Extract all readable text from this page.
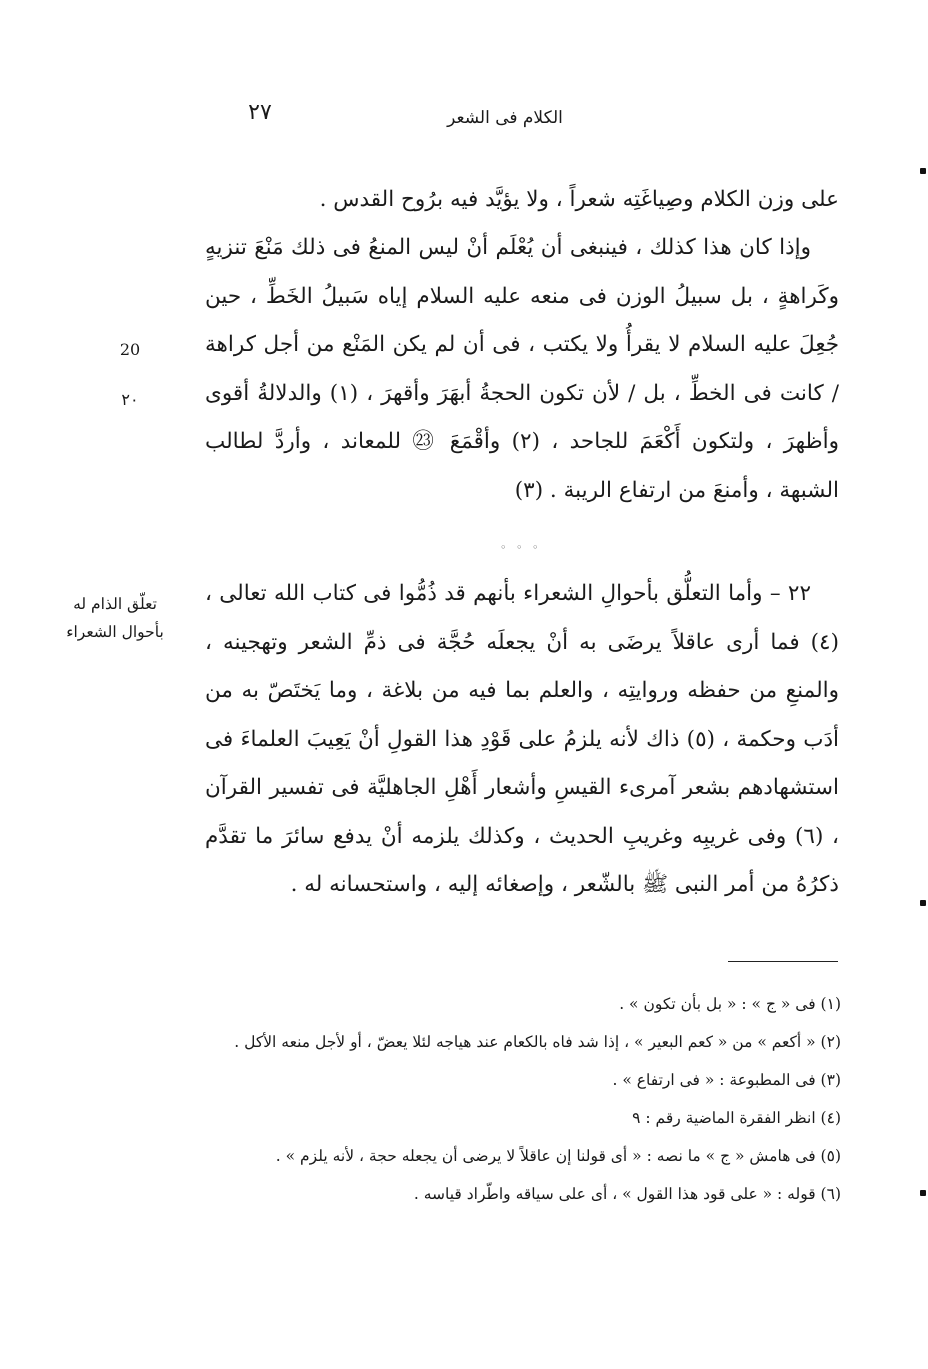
الكلام فى الشعر
٢٧
على وزن الكلام وصِياغَتِه شعراً ، ولا يؤيَّد فيه برُوح القدس .
وإذا كان هذا كذلك ، فينبغى أن يُعْلَم أنْ ليس المنعُ فى ذلك مَنْعَ تنزيهٍ وكَراهةٍ ، بل سبيلُ الوزن فى منعه عليه السلام إياه سَبيلُ الخَطِّ ، حين جُعِلَ عليه السلام لا يقرأُ ولا يكتب ، فى أن لم يكن المَنْع من أجل كراهة / كانت فى الخطِّ ، بل / لأن تكون الحجةُ أبهَرَ وأقهرَ ، (١) والدلالةُ أقوى وأظهرَ ، ولتكون أَكْعَمَ للجاحد ، (٢) وأقْمَعَ ㉓ للمعاند ، وأردَّ لطالب الشبهة ، وأمنعَ من ارتفاع الريبة . (٣)
20
٢٠
◦ ◦ ◦
تعلّق الذام له بأحوال الشعراء
٢٢ – وأما التعلُّق بأحوالِ الشعراء بأنهم قد ذُمُّوا فى كتاب الله تعالى ، (٤) فما أرى عاقلاً يرضَى به أنْ يجعلَه حُجَّة فى ذمِّ الشعر وتهجينه ، والمنعِ من حفظه وروايتِه ، والعلم بما فيه من بلاغة ، وما يَختَصّ به من أدَب وحكمة ، (٥) ذاك لأنه يلزمُ على قَوْدِ هذا القولِ أنْ يَعِيبَ العلماءَ فى استشهادهم بشعر آمرىء القيسِ وأشعار أَهْلِ الجاهليَّة فى تفسير القرآن ، (٦) وفى غريبِه وغريبِ الحديث ، وكذلك يلزمه أنْ يدفع سائرَ ما تقدَّم ذكرُهُ من أمر النبى ﷺ بالشّعر ، وإصغائه إليه ، واستحسانه له .

(١) فى « ج » : « بل بأن تكون » .

(٢) « أكعم » من « كعم البعير » ، إذا شد فاه بالكعام عند هياجه لئلا يعضّ ، أو لأجل منعه الأكل .

(٣) فى المطبوعة : « فى ارتفاع » .

(٤) انظر الفقرة الماضية رقم : ٩

(٥) فى هامش « ج » ما نصه : « أى قولنا إن عاقلاً لا يرضى أن يجعله حجة ، لأنه يلزم » .

(٦) قوله : « على قود هذا القول » ، أى على سياقه واطّراد قياسه .
